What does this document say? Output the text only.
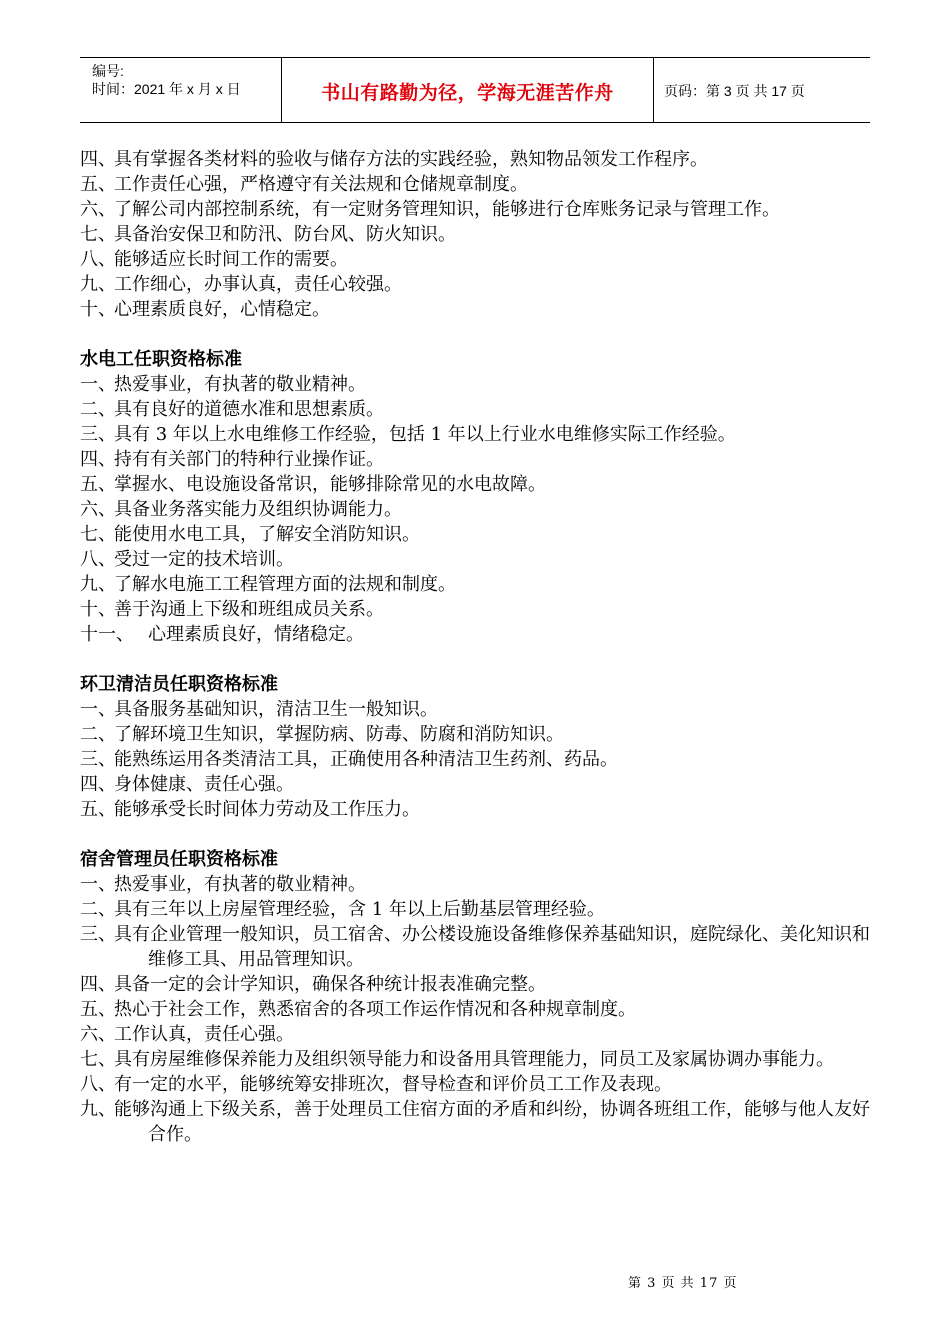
编号:
时间：2021 年 x 月 x 日	书山有路勤为径，学海无涯苦作舟	页码：第 3 页 共 17 页
四、
具有掌握各类材料的验收与储存方法的实践经验，熟知物品领发工作程序。
五、
工作责任心强，严格遵守有关法规和仓储规章制度。
六、
了解公司内部控制系统，有一定财务管理知识，能够进行仓库账务记录与管理工作。
七、
具备治安保卫和防汛、防台风、防火知识。
八、
能够适应长时间工作的需要。
九、
工作细心，办事认真，责任心较强。
十、
心理素质良好，心情稳定。
水电工任职资格标准
一、
热爱事业，有执著的敬业精神。
二、
具有良好的道德水准和思想素质。
三、
具有 3 年以上水电维修工作经验，包括 1 年以上行业水电维修实际工作经验。
四、
持有有关部门的特种行业操作证。
五、
掌握水、电设施设备常识，能够排除常见的水电故障。
六、
具备业务落实能力及组织协调能力。
七、
能使用水电工具，了解安全消防知识。
八、
受过一定的技术培训。
九、
了解水电施工工程管理方面的法规和制度。
十、
善于沟通上下级和班组成员关系。
十一、 心理素质良好，情绪稳定。
环卫清洁员任职资格标准
一、
具备服务基础知识，清洁卫生一般知识。
二、
了解环境卫生知识，掌握防病、防毒、防腐和消防知识。
三、
能熟练运用各类清洁工具，正确使用各种清洁卫生药剂、药品。
四、
身体健康、责任心强。
五、
能够承受长时间体力劳动及工作压力。
宿舍管理员任职资格标准
一、
热爱事业，有执著的敬业精神。
二、
具有三年以上房屋管理经验，含 1 年以上后勤基层管理经验。
三、
具有企业管理一般知识，员工宿舍、办公楼设施设备维修保养基础知识，庭院绿化、美化知识和维修工具、用品管理知识。
四、
具备一定的会计学知识，确保各种统计报表准确完整。
五、
热心于社会工作，熟悉宿舍的各项工作运作情况和各种规章制度。
六、
工作认真，责任心强。
七、
具有房屋维修保养能力及组织领导能力和设备用具管理能力，同员工及家属协调办事能力。
八、
有一定的水平，能够统筹安排班次，督导检查和评价员工工作及表现。
九、
能够沟通上下级关系，善于处理员工住宿方面的矛盾和纠纷，协调各班组工作，能够与他人友好合作。
第 3 页 共 17 页
